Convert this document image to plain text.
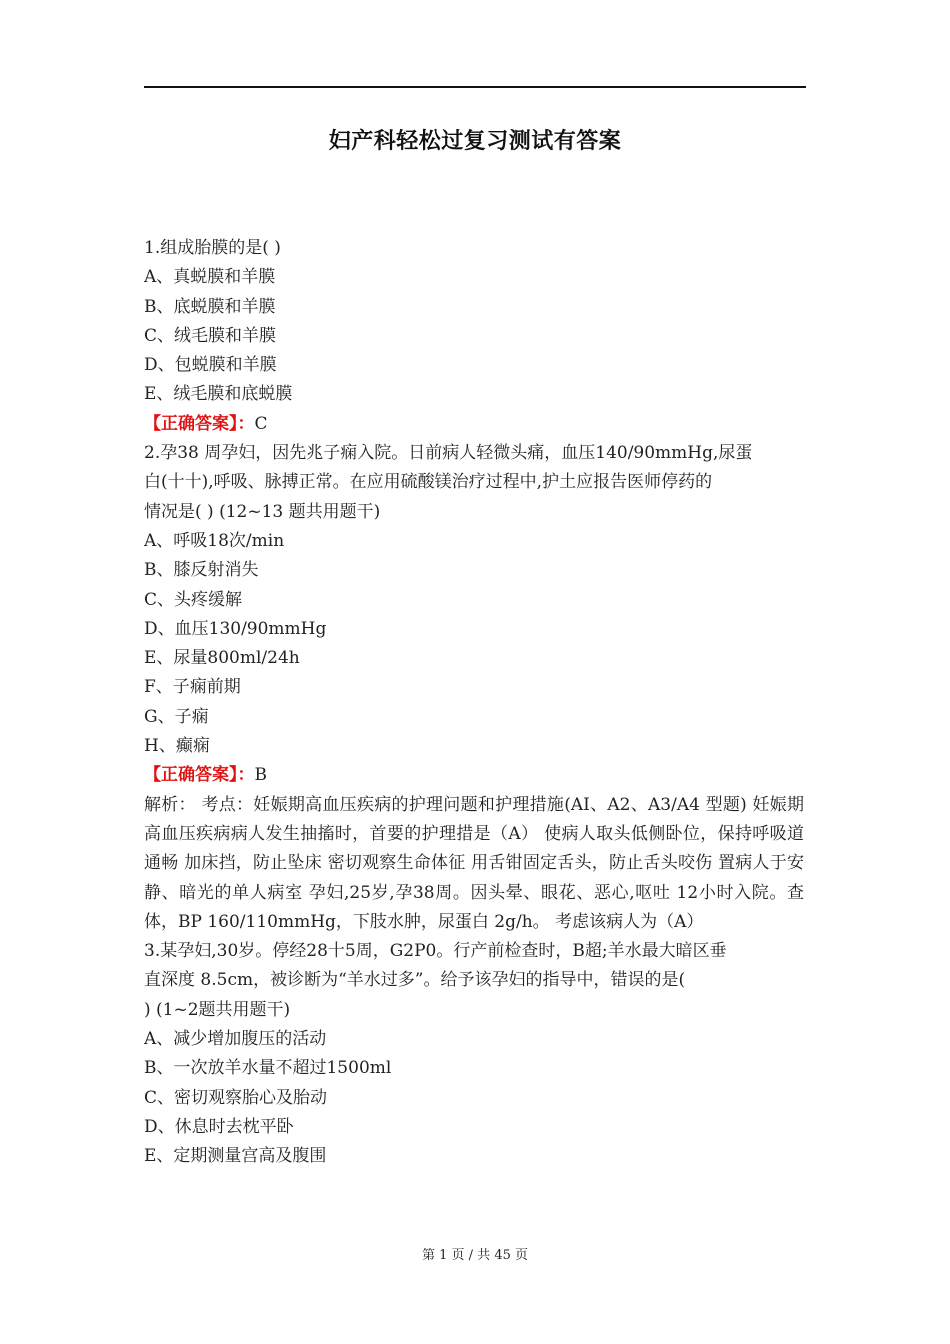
妇产科轻松过复习测试有答案
1.组成胎膜的是( )
A、真蜕膜和羊膜
B、底蜕膜和羊膜
C、绒毛膜和羊膜
D、包蜕膜和羊膜
E、绒毛膜和底蜕膜
【正确答案】：C
2.孕38 周孕妇，因先兆子痫入院。日前病人轻微头痛，血压140/90mmHg,尿蛋
白(十十),呼吸、脉搏正常。在应用硫酸镁治疗过程中,护土应报告医师停药的
情况是( ) (12~13 题共用题干)
A、呼吸18次/min
B、膝反射消失
C、头疼缓解
D、血压130/90mmHg
E、尿量800ml/24h
F、子痫前期
G、子痫
H、癫痫
【正确答案】：B
解析： 考点：妊娠期高血压疾病的护理问题和护理措施(AI、A2、A3/A4 型题) 妊娠期高血压疾病病人发生抽搐时，首要的护理措是（A） 使病人取头低侧卧位，保持呼吸道通畅 加床挡，防止坠床 密切观察生命体征 用舌钳固定舌头，防止舌头咬伤 置病人于安静、暗光的单人病室 孕妇,25岁,孕38周。因头晕、眼花、恶心,呕吐 12小时入院。查体，BP 160/110mmHg，下肢水肿，尿蛋白 2g/h。 考虑该病人为（A）
3.某孕妇,30岁。停经28十5周，G2P0。行产前检查时，B超;羊水最大暗区垂
直深度 8.5cm，被诊断为“羊水过多”。给予该孕妇的指导中，错误的是(
) (1~2题共用题干)
A、减少增加腹压的活动
B、一次放羊水量不超过1500ml
C、密切观察胎心及胎动
D、休息时去枕平卧
E、定期测量宫高及腹围
第 1 页 / 共 45 页
